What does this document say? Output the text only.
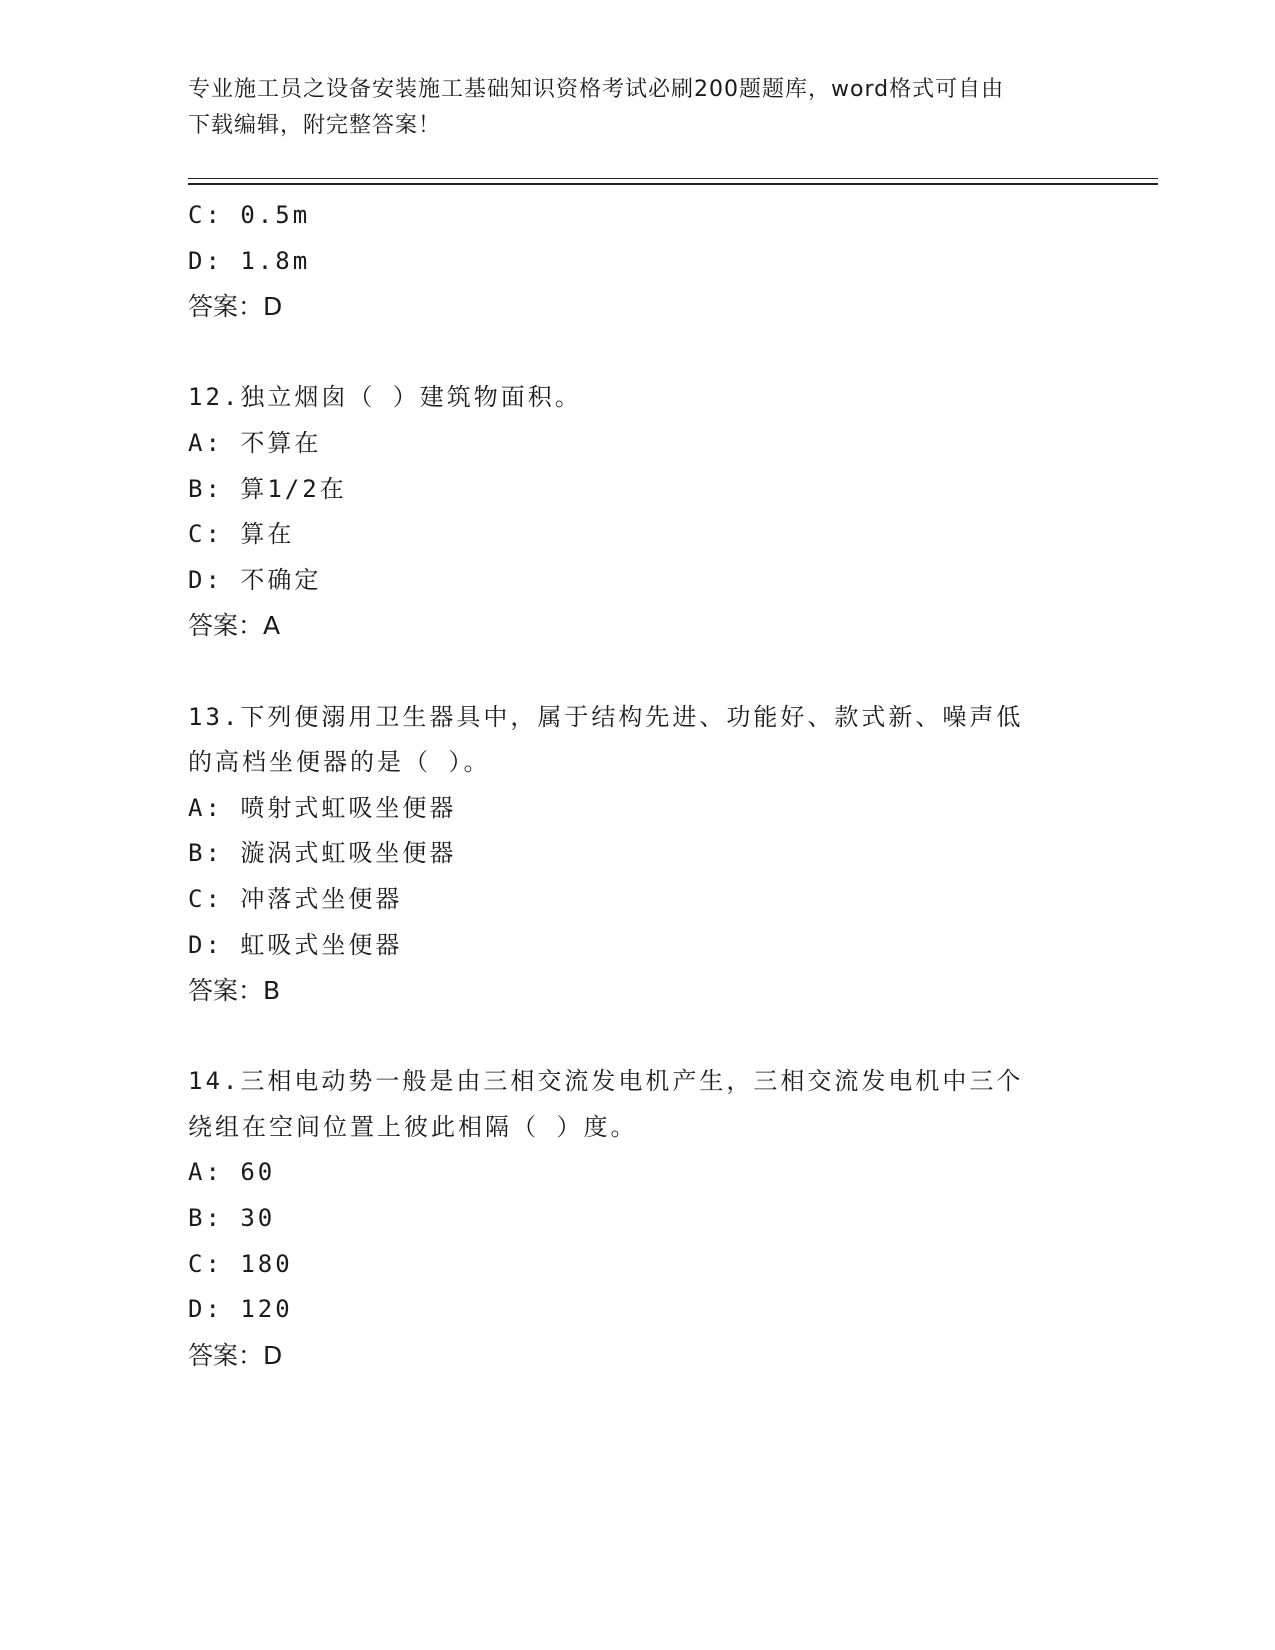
专业施工员之设备安装施工基础知识资格考试必刷200题题库，word格式可自由
下载编辑，附完整答案！
C: 0.5m
D: 1.8m
答案：D
12.独立烟囱（ ）建筑物面积。
A: 不算在
B: 算1/2在
C: 算在
D: 不确定
答案：A
13.下列便溺用卫生器具中，属于结构先进、功能好、款式新、噪声低
的高档坐便器的是（ ）。
A: 喷射式虹吸坐便器
B: 漩涡式虹吸坐便器
C: 冲落式坐便器
D: 虹吸式坐便器
答案：B
14.三相电动势一般是由三相交流发电机产生，三相交流发电机中三个
绕组在空间位置上彼此相隔（ ）度。
A: 60
B: 30
C: 180
D: 120
答案：D
